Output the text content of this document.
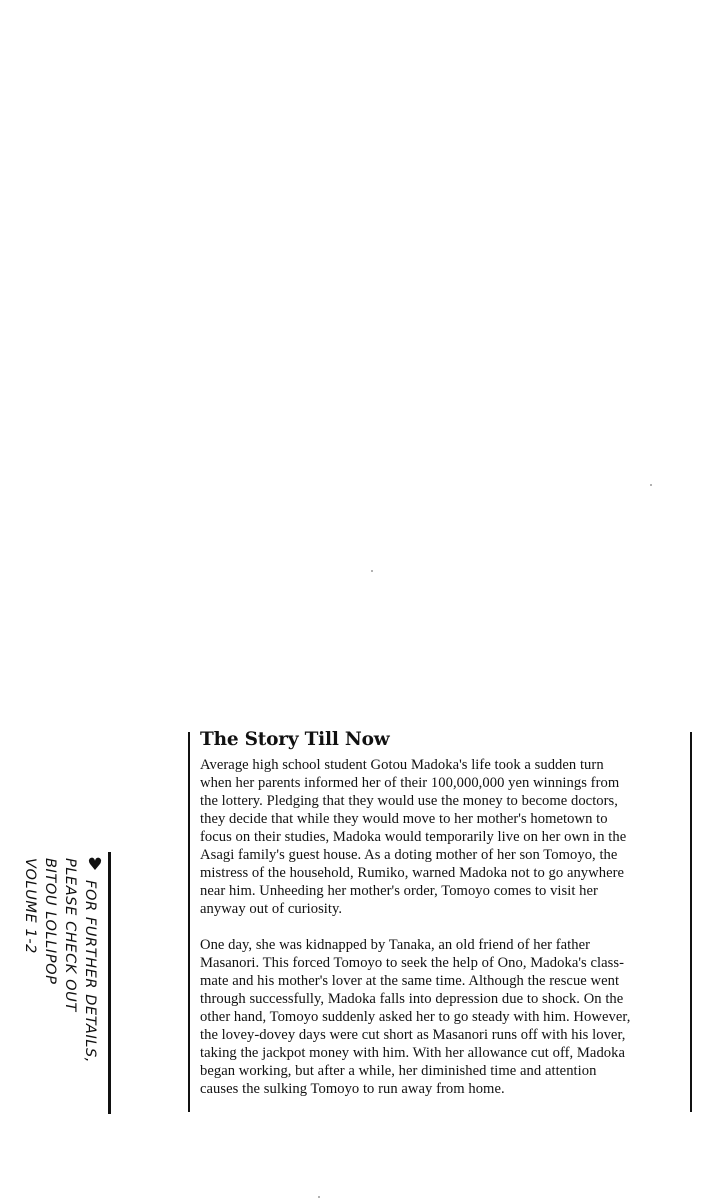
The Story Till Now

Average high school student Gotou Madoka's life took a sudden turn
when her parents informed her of their 100,000,000 yen winnings from
the lottery. Pledging that they would use the money to become doctors,
they decide that while they would move to her mother's hometown to
focus on their studies, Madoka would temporarily live on her own in the
Asagi family's guest house. As a doting mother of her son Tomoyo, the
mistress of the household, Rumiko, warned Madoka not to go anywhere
near him. Unheeding her mother's order, Tomoyo comes to visit her
anyway out of curiosity.

One day, she was kidnapped by Tanaka, an old friend of her father
Masanori. This forced Tomoyo to seek the help of Ono, Madoka's class-
mate and his mother's lover at the same time. Although the rescue went
through successfully, Madoka falls into depression due to shock. On the
other hand, Tomoyo suddenly asked her to go steady with him. However,
the lovey-dovey days were cut short as Masanori runs off with his lover,
taking the jackpot money with him. With her allowance cut off, Madoka
began working, but after a while, her diminished time and attention
causes the sulking Tomoyo to run away from home.

♥
FOR FURTHER DETAILS,
PLEASE CHECK OUT
BITOU LOLLIPOP
VOLUME 1-2
